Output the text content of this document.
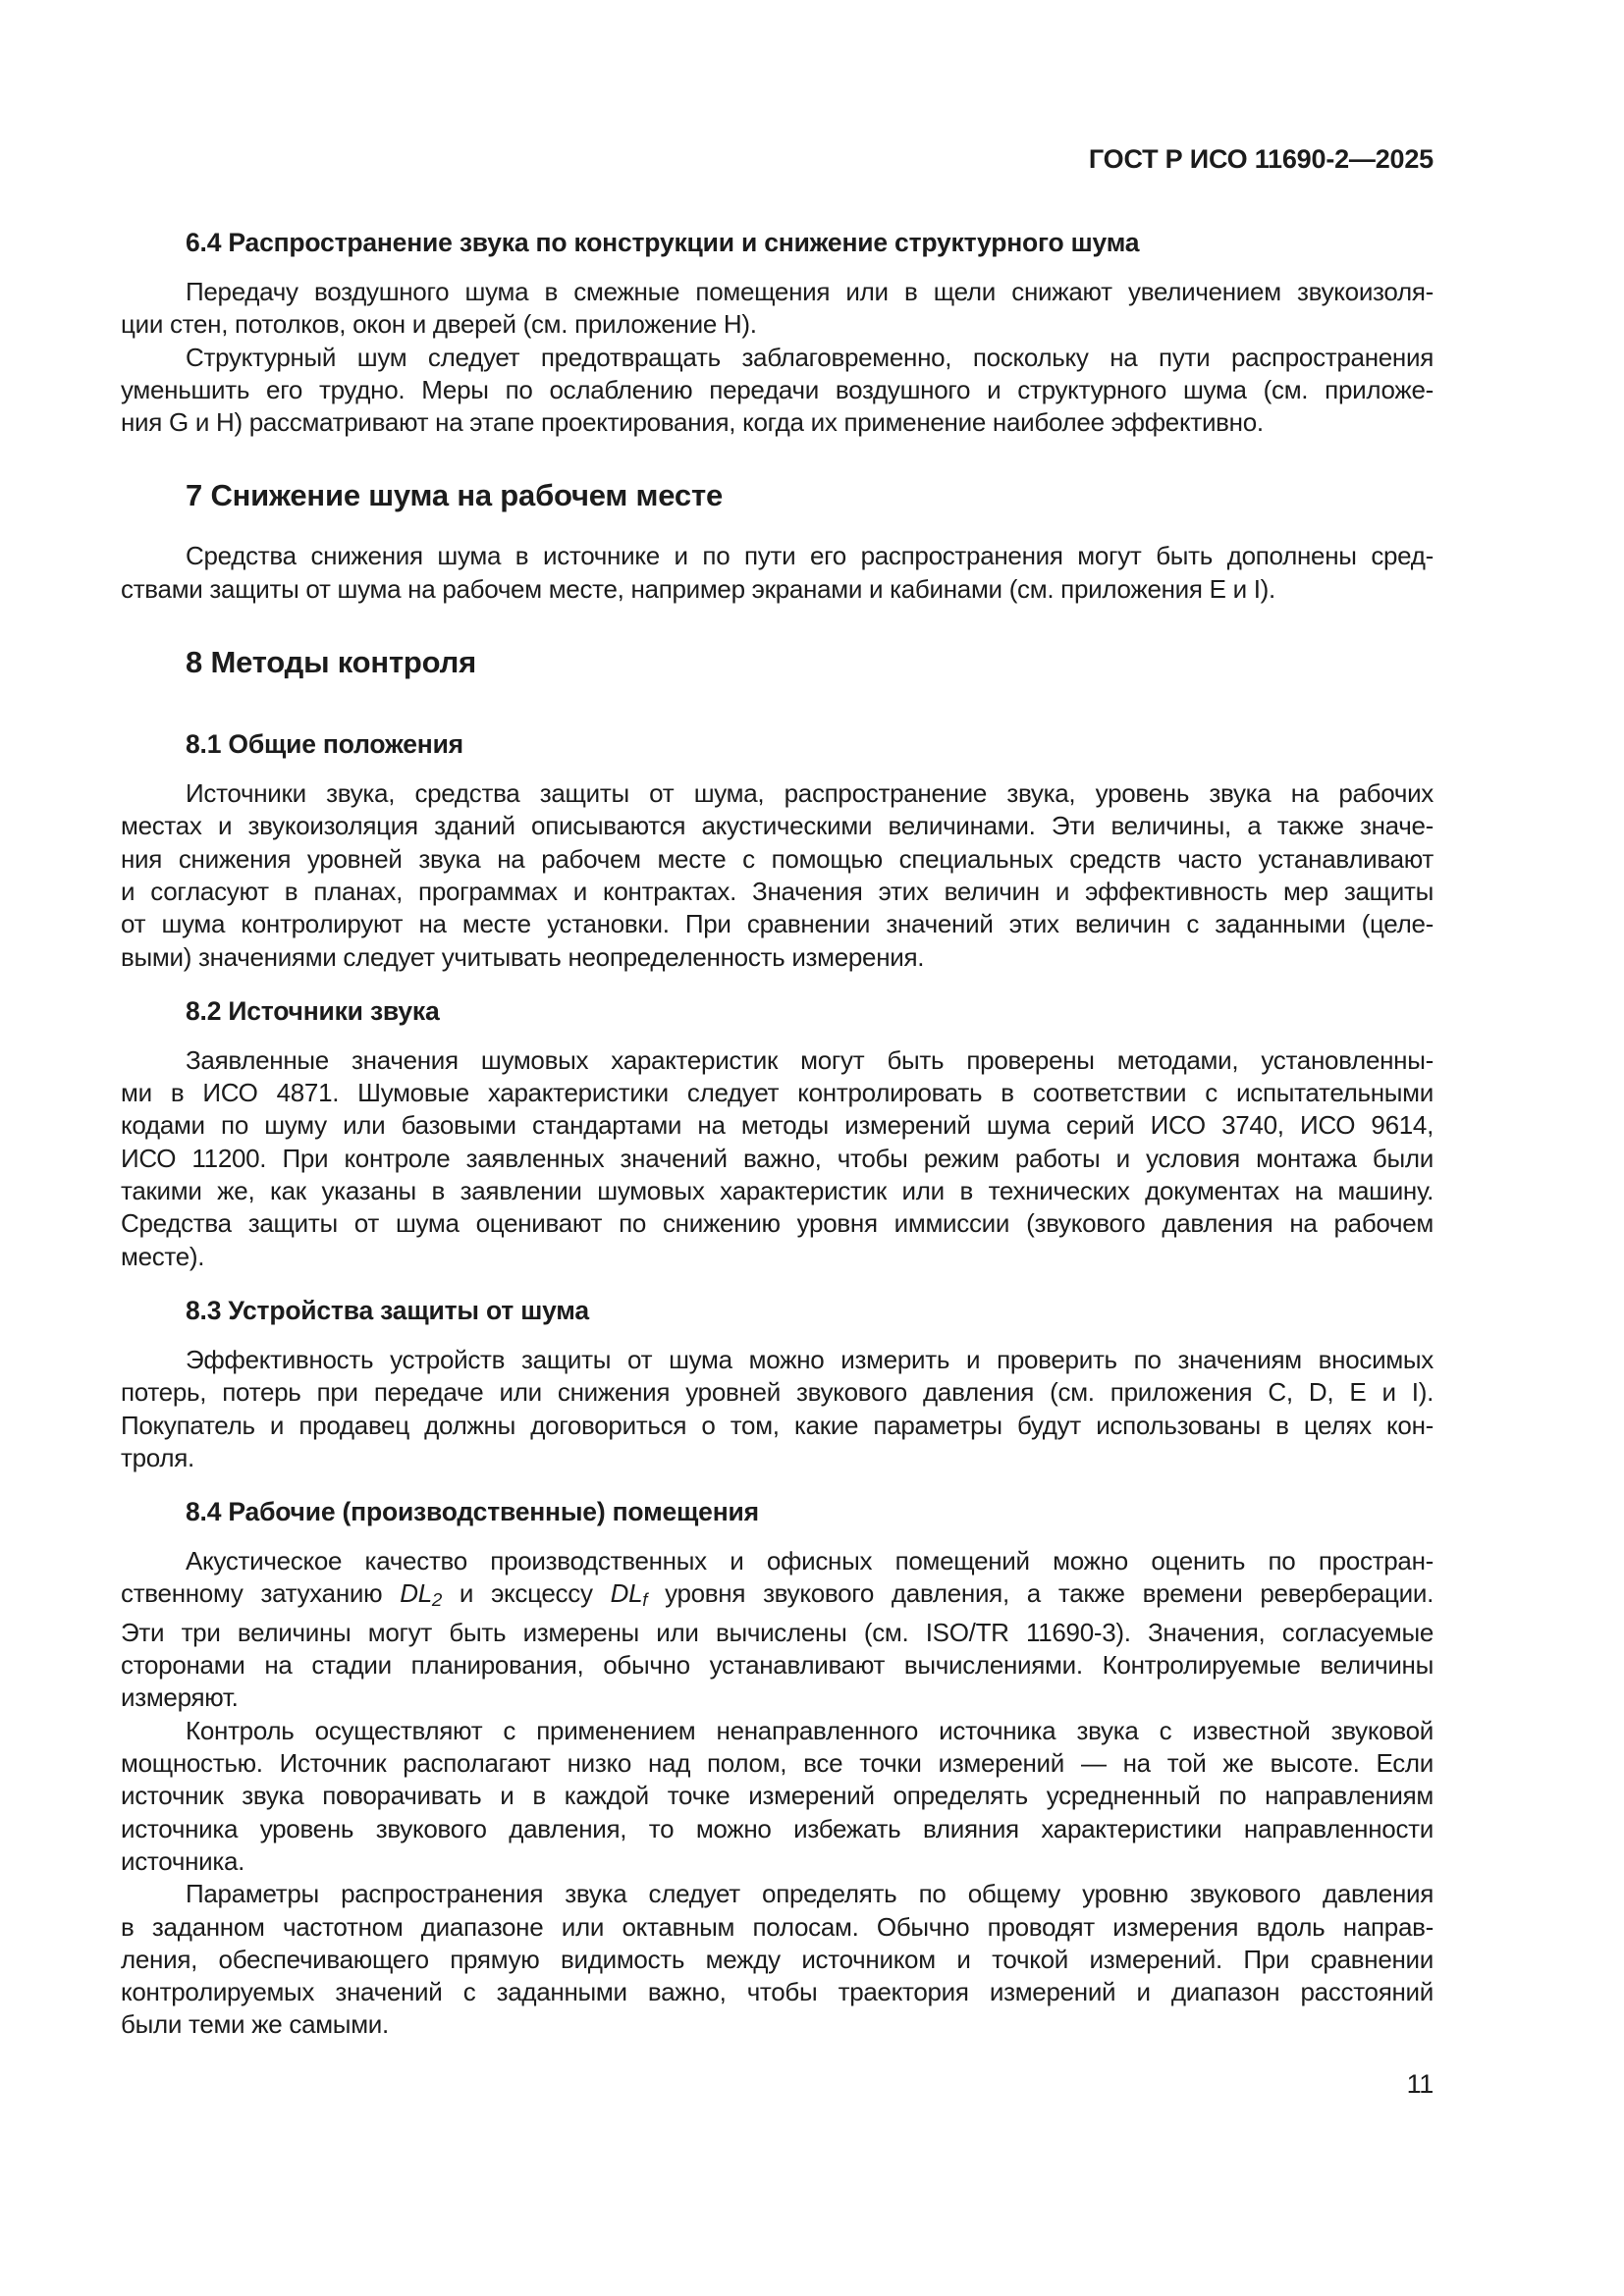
ГОСТ Р ИСО 11690-2—2025
6.4 Распространение звука по конструкции и снижение структурного шума
Передачу воздушного шума в смежные помещения или в щели снижают увеличением звукоизоля-
ции стен, потолков, окон и дверей (см. приложение H).
Структурный шум следует предотвращать заблаговременно, поскольку на пути распространения
уменьшить его трудно. Меры по ослаблению передачи воздушного и структурного шума (см. приложе-
ния G и H) рассматривают на этапе проектирования, когда их применение наиболее эффективно.
7 Снижение шума на рабочем месте
Средства снижения шума в источнике и по пути его распространения могут быть дополнены сред-
ствами защиты от шума на рабочем месте, например экранами и кабинами (см. приложения E и I).
8 Методы контроля
8.1 Общие положения
Источники звука, средства защиты от шума, распространение звука, уровень звука на рабочих
местах и звукоизоляция зданий описываются акустическими величинами. Эти величины, а также значе-
ния снижения уровней звука на рабочем месте с помощью специальных средств часто устанавливают
и согласуют в планах, программах и контрактах. Значения этих величин и эффективность мер защиты
от шума контролируют на месте установки. При сравнении значений этих величин с заданными (целе-
выми) значениями следует учитывать неопределенность измерения.
8.2 Источники звука
Заявленные значения шумовых характеристик могут быть проверены методами, установленны-
ми в ИСО 4871. Шумовые характеристики следует контролировать в соответствии с испытательными
кодами по шуму или базовыми стандартами на методы измерений шума серий ИСО 3740, ИСО 9614,
ИСО 11200. При контроле заявленных значений важно, чтобы режим работы и условия монтажа были
такими же, как указаны в заявлении шумовых характеристик или в технических документах на машину.
Средства защиты от шума оценивают по снижению уровня иммиссии (звукового давления на рабочем
месте).
8.3 Устройства защиты от шума
Эффективность устройств защиты от шума можно измерить и проверить по значениям вносимых
потерь, потерь при передаче или снижения уровней звукового давления (см. приложения C, D, E и I).
Покупатель и продавец должны договориться о том, какие параметры будут использованы в целях кон-
троля.
8.4 Рабочие (производственные) помещения
Акустическое качество производственных и офисных помещений можно оценить по простран-
ственному затуханию DL2 и эксцессу DLf уровня звукового давления, а также времени реверберации.
Эти три величины могут быть измерены или вычислены (см. ISO/TR 11690-3). Значения, согласуемые
сторонами на стадии планирования, обычно устанавливают вычислениями. Контролируемые величины
измеряют.
Контроль осуществляют с применением ненаправленного источника звука с известной звуковой
мощностью. Источник располагают низко над полом, все точки измерений — на той же высоте. Если
источник звука поворачивать и в каждой точке измерений определять усредненный по направлениям
источника уровень звукового давления, то можно избежать влияния характеристики направленности
источника.
Параметры распространения звука следует определять по общему уровню звукового давления
в заданном частотном диапазоне или октавным полосам. Обычно проводят измерения вдоль направ-
ления, обеспечивающего прямую видимость между источником и точкой измерений. При сравнении
контролируемых значений с заданными важно, чтобы траектория измерений и диапазон расстояний
были теми же самыми.
11
